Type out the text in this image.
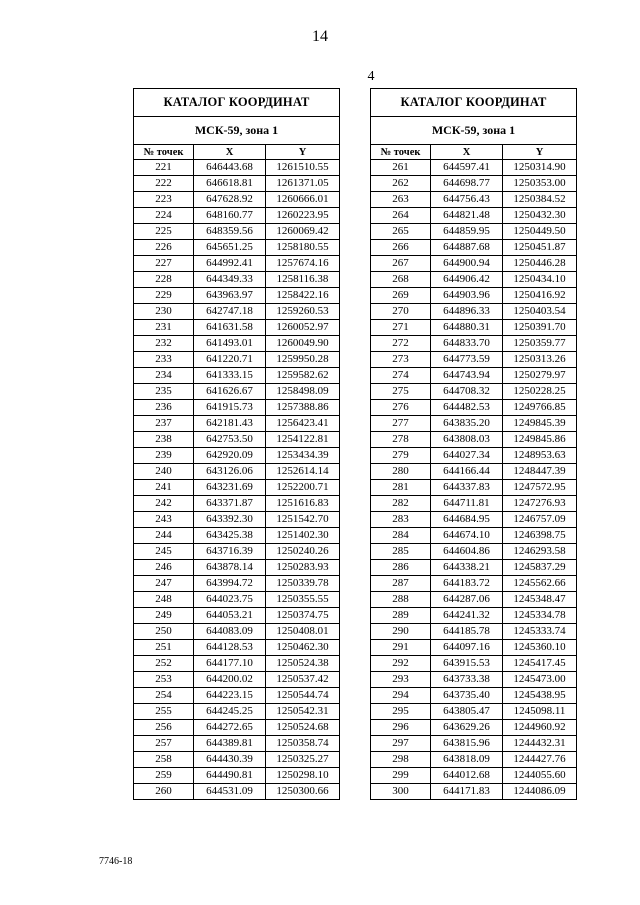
14
4
КАТАЛОГ КООРДИНАТ		
МСК-59, зона 1		
№ точек	X	Y
221	646443.68	1261510.55
222	646618.81	1261371.05
223	647628.92	1260666.01
224	648160.77	1260223.95
225	648359.56	1260069.42
226	645651.25	1258180.55
227	644992.41	1257674.16
228	644349.33	1258116.38
229	643963.97	1258422.16
230	642747.18	1259260.53
231	641631.58	1260052.97
232	641493.01	1260049.90
233	641220.71	1259950.28
234	641333.15	1259582.62
235	641626.67	1258498.09
236	641915.73	1257388.86
237	642181.43	1256423.41
238	642753.50	1254122.81
239	642920.09	1253434.39
240	643126.06	1252614.14
241	643231.69	1252200.71
242	643371.87	1251616.83
243	643392.30	1251542.70
244	643425.38	1251402.30
245	643716.39	1250240.26
246	643878.14	1250283.93
247	643994.72	1250339.78
248	644023.75	1250355.55
249	644053.21	1250374.75
250	644083.09	1250408.01
251	644128.53	1250462.30
252	644177.10	1250524.38
253	644200.02	1250537.42
254	644223.15	1250544.74
255	644245.25	1250542.31
256	644272.65	1250524.68
257	644389.81	1250358.74
258	644430.39	1250325.27
259	644490.81	1250298.10
260	644531.09	1250300.66
КАТАЛОГ КООРДИНАТ		
МСК-59, зона 1		
№ точек	X	Y
261	644597.41	1250314.90
262	644698.77	1250353.00
263	644756.43	1250384.52
264	644821.48	1250432.30
265	644859.95	1250449.50
266	644887.68	1250451.87
267	644900.94	1250446.28
268	644906.42	1250434.10
269	644903.96	1250416.92
270	644896.33	1250403.54
271	644880.31	1250391.70
272	644833.70	1250359.77
273	644773.59	1250313.26
274	644743.94	1250279.97
275	644708.32	1250228.25
276	644482.53	1249766.85
277	643835.20	1249845.39
278	643808.03	1249845.86
279	644027.34	1248953.63
280	644166.44	1248447.39
281	644337.83	1247572.95
282	644711.81	1247276.93
283	644684.95	1246757.09
284	644674.10	1246398.75
285	644604.86	1246293.58
286	644338.21	1245837.29
287	644183.72	1245562.66
288	644287.06	1245348.47
289	644241.32	1245334.78
290	644185.78	1245333.74
291	644097.16	1245360.10
292	643915.53	1245417.45
293	643733.38	1245473.00
294	643735.40	1245438.95
295	643805.47	1245098.11
296	643629.26	1244960.92
297	643815.96	1244432.31
298	643818.09	1244427.76
299	644012.68	1244055.60
300	644171.83	1244086.09
7746-18
